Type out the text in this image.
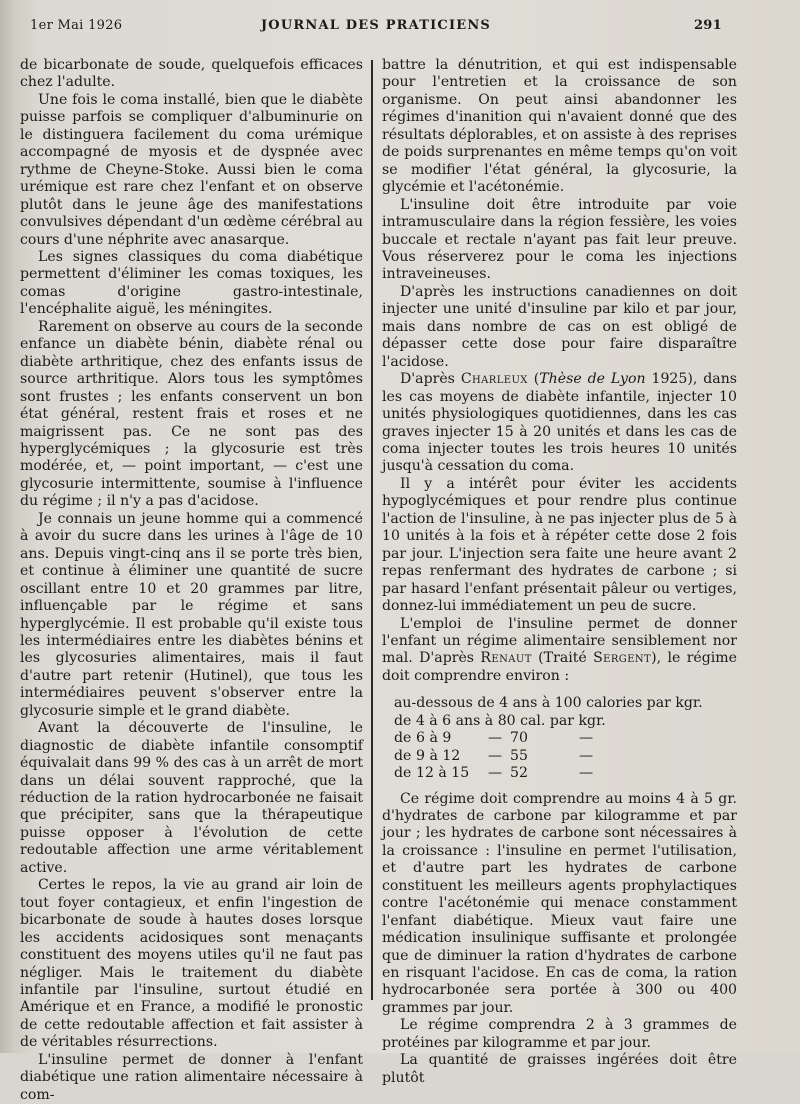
1er Mai 1926	JOURNAL DES PRATICIENS	291

de bicarbonate de soude, quelquefois efficaces chez l'adulte.

Une fois le coma installé, bien que le diabète puisse parfois se compliquer d'albuminurie on le distinguera facilement du coma urémique accompagné de myosis et de dyspnée avec rythme de Cheyne-Stoke. Aussi bien le coma urémique est rare chez l'enfant et on observe plutôt dans le jeune âge des manifestations convulsives dépendant d'un œdème cérébral au cours d'une néphrite avec anasarque.

Les signes classiques du coma diabétique permettent d'éliminer les comas toxiques, les comas d'origine gastro-intestinale, l'encéphalite aiguë, les méningites.

Rarement on observe au cours de la seconde enfance un diabète bénin, diabète rénal ou diabète arthritique, chez des enfants issus de source arthritique. Alors tous les symptômes sont frustes ; les enfants conservent un bon état général, restent frais et roses et ne maigrissent pas. Ce ne sont pas des hyperglycémiques ; la glycosurie est très modérée, et, — point important, — c'est une glycosurie intermittente, soumise à l'influence du régime ; il n'y a pas d'acidose.

Je connais un jeune homme qui a commencé à avoir du sucre dans les urines à l'âge de 10 ans. Depuis vingt-cinq ans il se porte très bien, et continue à éliminer une quantité de sucre oscillant entre 10 et 20 grammes par litre, influençable par le régime et sans hyperglycémie. Il est probable qu'il existe tous les intermédiaires entre les diabètes bénins et les glycosuries alimentaires, mais il faut d'autre part retenir (Hutinel), que tous les intermédiaires peuvent s'observer entre la glycosurie simple et le grand diabète.

Avant la découverte de l'insuline, le diagnostic de diabète infantile consomptif équivalait dans 99 % des cas à un arrêt de mort dans un délai souvent rapproché, que la réduction de la ration hydrocarbonée ne faisait que précipiter, sans que la thérapeutique puisse opposer à l'évolution de cette redoutable affection une arme véritablement active.

Certes le repos, la vie au grand air loin de tout foyer contagieux, et enfin l'ingestion de bicarbonate de soude à hautes doses lorsque les accidents acidosiques sont menaçants constituent des moyens utiles qu'il ne faut pas négliger. Mais le traitement du diabète infantile par l'insuline, surtout étudié en Amérique et en France, a modifié le pronostic de cette redoutable affection et fait assister à de véritables résurrections.

L'insuline permet de donner à l'enfant diabétique une ration alimentaire nécessaire à com-

battre la dénutrition, et qui est indispensable pour l'entretien et la croissance de son organisme. On peut ainsi abandonner les régimes d'inanition qui n'avaient donné que des résultats déplorables, et on assiste à des reprises de poids surprenantes en même temps qu'on voit se modifier l'état général, la glycosurie, la glycémie et l'acétonémie.

L'insuline doit être introduite par voie intramusculaire dans la région fessière, les voies buccale et rectale n'ayant pas fait leur preuve. Vous réserverez pour le coma les injections intraveineuses.

D'après les instructions canadiennes on doit injecter une unité d'insuline par kilo et par jour, mais dans nombre de cas on est obligé de dépasser cette dose pour faire disparaître l'acidose.

D'après Charleux (Thèse de Lyon 1925), dans les cas moyens de diabète infantile, injecter 10 unités physiologiques quotidiennes, dans les cas graves injecter 15 à 20 unités et dans les cas de coma injecter toutes les trois heures 10 unités jusqu'à cessation du coma.

Il y a intérêt pour éviter les accidents hypoglycémiques et pour rendre plus continue l'action de l'insuline, à ne pas injecter plus de 5 à 10 unités à la fois et à répéter cette dose 2 fois par jour. L'injection sera faite une heure avant 2 repas renfermant des hydrates de carbone ; si par hasard l'enfant présentait pâleur ou vertiges, donnez-lui immédiatement un peu de sucre.

L'emploi de l'insuline permet de donner l'enfant un régime alimentaire sensiblement nor mal. D'après Renaut (Traité Sergent), le régime doit comprendre environ :

au-dessous de 4 ans à 100 calories par kgr.
de 4 à 6 ans à 80 cal. par kgr.
de 6 à 9	— 70	—
de 9 à 12	— 55	—
de 12 à 15	— 52	—

Ce régime doit comprendre au moins 4 à 5 gr. d'hydrates de carbone par kilogramme et par jour ; les hydrates de carbone sont nécessaires à la croissance : l'insuline en permet l'utilisation, et d'autre part les hydrates de carbone constituent les meilleurs agents prophylactiques contre l'acétonémie qui menace constamment l'enfant diabétique. Mieux vaut faire une médication insulinique suffisante et prolongée que de diminuer la ration d'hydrates de carbone en risquant l'acidose. En cas de coma, la ration hydrocarbonée sera portée à 300 ou 400 grammes par jour.

Le régime comprendra 2 à 3 grammes de protéines par kilogramme et par jour.

La quantité de graisses ingérées doit être plutôt
